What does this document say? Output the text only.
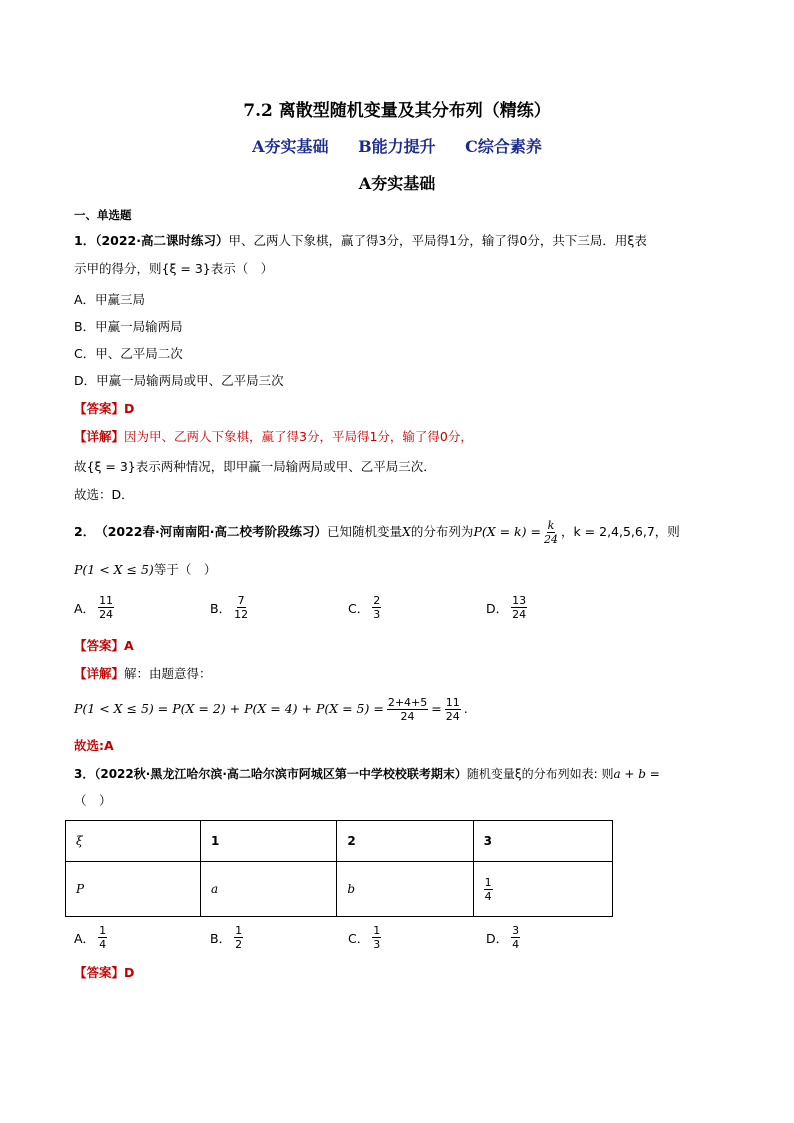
7.2 离散型随机变量及其分布列（精练）
A夯实基础 B能力提升 C综合素养
A夯实基础
一、单选题
1．（2022·高二课时练习）甲、乙两人下象棋，赢了得3分，平局得1分，输了得0分，共下三局．用ξ表
示甲的得分，则{ξ = 3}表示（　）
A．甲赢三局
B．甲赢一局输两局
C．甲、乙平局二次
D．甲赢一局输两局或甲、乙平局三次
【答案】D
【详解】因为甲、乙两人下象棋，赢了得3分，平局得1分，输了得0分，
故{ξ = 3}表示两种情况，即甲赢一局输两局或甲、乙平局三次．
故选：D．
2． （2022春·河南南阳·高二校考阶段练习） 已知随机变量 X 的分布列为 $P(X = k) = \frac{k}{24}$ ，k = 2,4,5,6,7，则
P(1 < X ≤ 5)等于（　）
A． $\frac{11}{24}$	B． $\frac{7}{12}$	C． $\frac{2}{3}$	D． $\frac{13}{24}$
【答案】A
【详解】解：由题意得：
$P(1 < X \le 5) = P(X = 2) + P(X = 4) + P(X = 5) = \frac{2+4+5}{24} = \frac{11}{24}$ .
故选:A
3．（2022秋·黑龙江哈尔滨·高二哈尔滨市阿城区第一中学校校联考期末）随机变量ξ的分布列如表: 则a + b =
（　）
ξ	1	2	3
P	a	b	$\frac{1}{4}$
A． $\frac{1}{4}$	B． $\frac{1}{2}$	C． $\frac{1}{3}$	D． $\frac{3}{4}$
【答案】D
